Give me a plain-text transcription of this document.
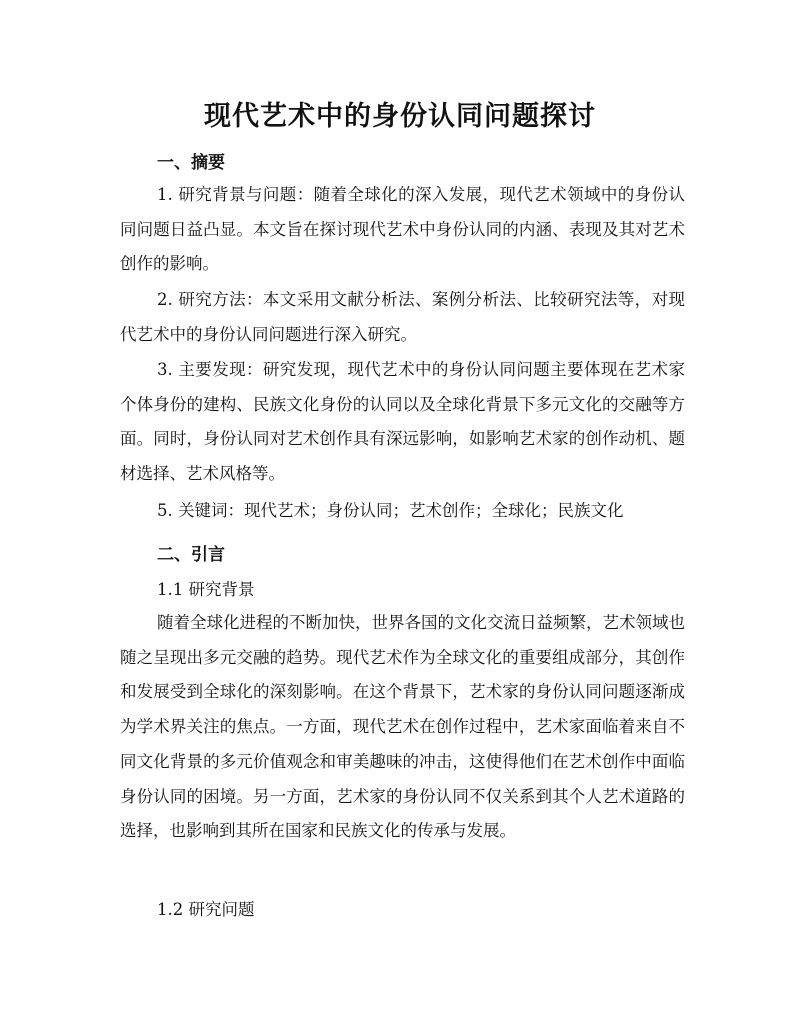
现代艺术中的身份认同问题探讨
一、摘要

1. 研究背景与问题：随着全球化的深入发展，现代艺术领域中的身份认同问题日益凸显。本文旨在探讨现代艺术中身份认同的内涵、表现及其对艺术创作的影响。

2. 研究方法：本文采用文献分析法、案例分析法、比较研究法等，对现代艺术中的身份认同问题进行深入研究。

3. 主要发现：研究发现，现代艺术中的身份认同问题主要体现在艺术家个体身份的建构、民族文化身份的认同以及全球化背景下多元文化的交融等方面。同时，身份认同对艺术创作具有深远影响，如影响艺术家的创作动机、题材选择、艺术风格等。

5. 关键词：现代艺术；身份认同；艺术创作；全球化；民族文化

二、引言

1.1 研究背景

随着全球化进程的不断加快，世界各国的文化交流日益频繁，艺术领域也随之呈现出多元交融的趋势。现代艺术作为全球文化的重要组成部分，其创作和发展受到全球化的深刻影响。在这个背景下，艺术家的身份认同问题逐渐成为学术界关注的焦点。一方面，现代艺术在创作过程中，艺术家面临着来自不同文化背景的多元价值观念和审美趣味的冲击，这使得他们在艺术创作中面临身份认同的困境。另一方面，艺术家的身份认同不仅关系到其个人艺术道路的选择，也影响到其所在国家和民族文化的传承与发展。

1.2 研究问题
